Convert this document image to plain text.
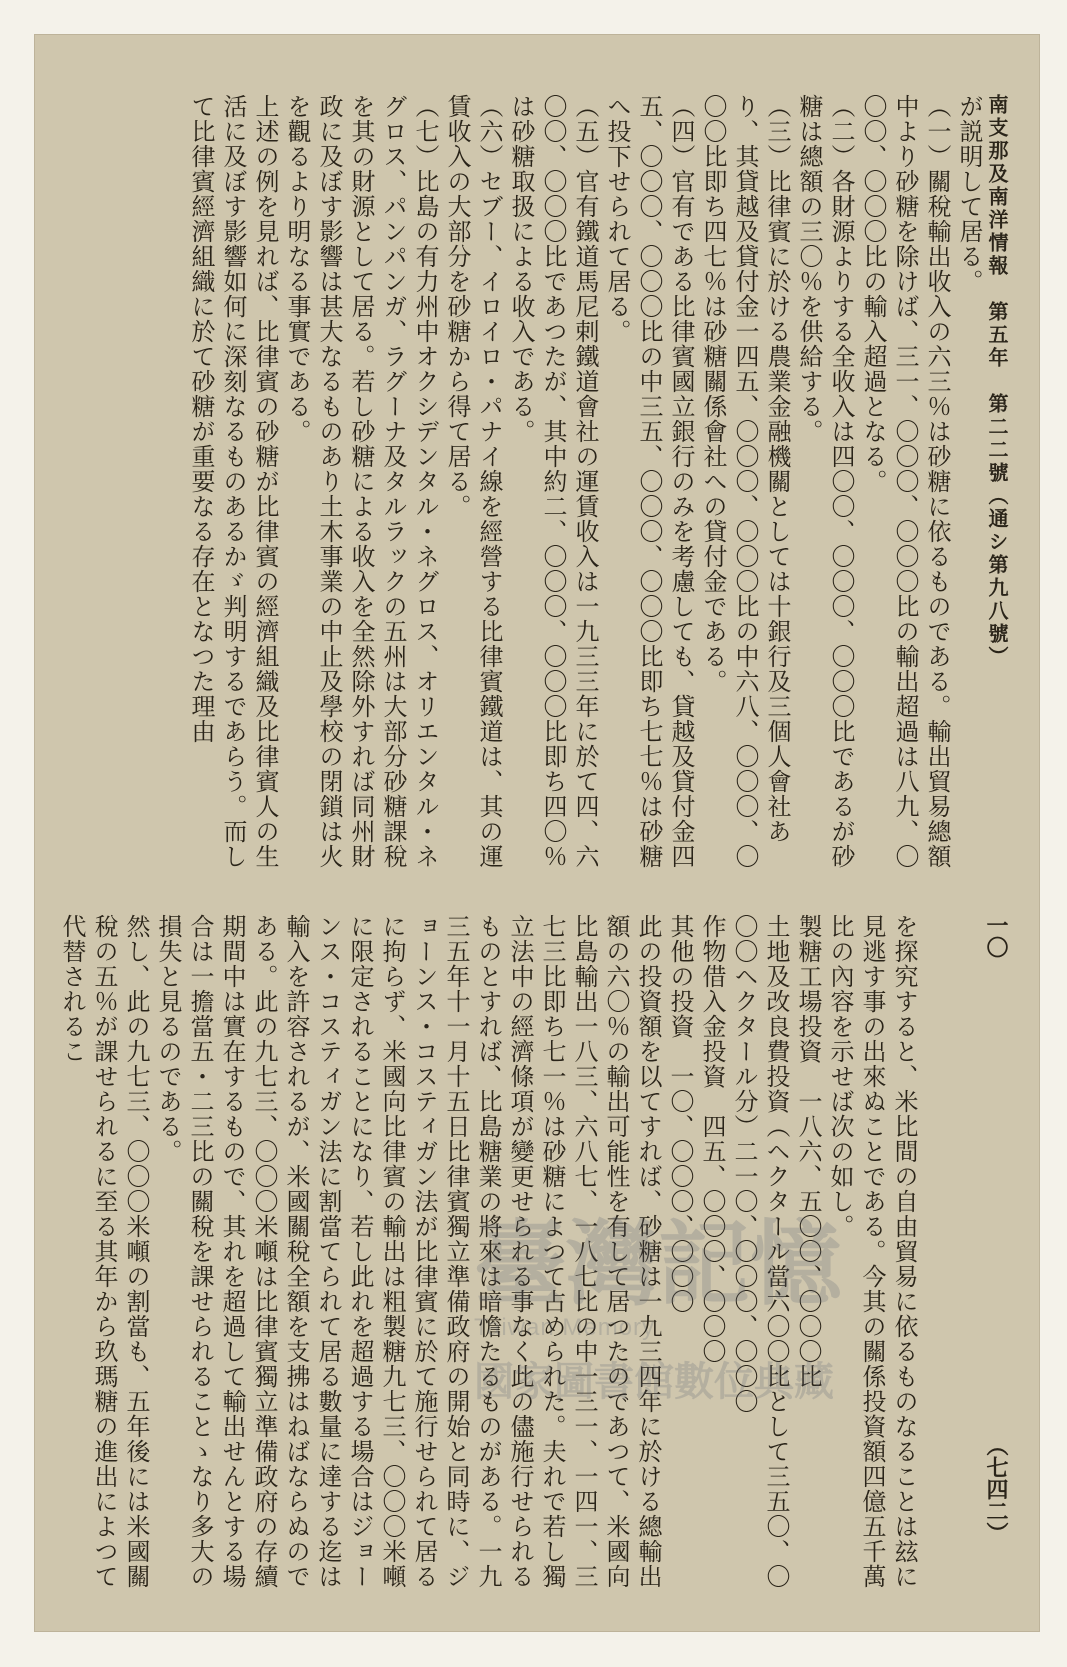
南支那及南洋情報　第五年　第二二號（通シ第九八號）
一〇
（七四二）

が説明して居る。

（一）關稅輸出收入の六三％は砂糖に依るものである。輸出貿易總額中より砂糖を除けば、三一、〇〇〇、〇〇〇比の輸出超過は八九、〇〇〇、〇〇〇比の輸入超過となる。

（二）各財源よりする全收入は四〇〇、〇〇〇、〇〇〇比であるが砂糖は總額の三〇％を供給する。

（三）比律賓に於ける農業金融機關としては十銀行及三個人會社あり、其貸越及貸付金一四五、〇〇〇、〇〇〇比の中六八、〇〇〇、〇〇〇比即ち四七％は砂糖關係會社への貸付金である。

（四）官有である比律賓國立銀行のみを考慮しても、貸越及貸付金四五、〇〇〇、〇〇〇比の中三五、〇〇〇、〇〇〇比即ち七七％は砂糖へ投下せられて居る。

（五）官有鐵道馬尼剌鐵道會社の運賃收入は一九三三年に於て四、六〇〇、〇〇〇比であつたが、其中約二、〇〇〇、〇〇〇比即ち四〇％は砂糖取扱による收入である。

（六）セブー、イロイロ・パナイ線を經營する比律賓鐵道は、其の運賃收入の大部分を砂糖から得て居る。

（七）比島の有力州中オクシデンタル・ネグロス、オリエンタル・ネグロス、パンパンガ、ラグーナ及タルラックの五州は大部分砂糖課稅を其の財源として居る。若し砂糖による收入を全然除外すれば同州財政に及ぼす影響は甚大なるものあり土木事業の中止及學校の閉鎖は火を觀るより明なる事實である。

上述の例を見れば、比律賓の砂糖が比律賓の經濟組織及比律賓人の生活に及ぼす影響如何に深刻なるものあるかゞ判明するであらう。而して比律賓經濟組織に於て砂糖が重要なる存在となつた理由

を探究すると、米比間の自由貿易に依るものなることは玆に見逃す事の出來ぬことである。今其の關係投資額四億五千萬比の內容を示せば次の如し。

製糖工場投資　一八六、五〇〇、〇〇〇比

土地及改良費投資（ヘクタール當六〇〇比として三五〇、〇〇〇ヘクタール分）二一〇、〇〇〇、〇〇〇

作物借入金投資　四五、〇〇〇、〇〇〇

其他の投資　一〇、〇〇〇、〇〇〇

此の投資額を以てすれば、砂糖は一九三四年に於ける總輸出額の六〇％の輸出可能性を有して居つたのであつて、米國向比島輸出一八三、六八七、一八七比の中一三一、一四一、三七三比即ち七一％は砂糖によつて占められた。夫れで若し獨立法中の經濟條項が變更せられる事なく此の儘施行せられるものとすれば、比島糖業の將來は暗憺たるものがある。一九三五年十一月十五日比律賓獨立準備政府の開始と同時に、ジョーンス・コスティガン法が比律賓に於て施行せられて居るに拘らず、米國向比律賓の輸出は粗製糖九七三、〇〇〇米噸に限定されることになり、若し此れを超過する場合はジョーンス・コスティガン法に割當てられて居る數量に達する迄は輸入を許容されるが、米國關稅全額を支拂はねばならぬのである。此の九七三、〇〇〇米噸は比律賓獨立準備政府の存續期間中は實在するもので、其れを超過して輸出せんとする場合は一擔當五・二三比の關稅を課せられることゝなり多大の損失と見るのである。

然し、此の九七三、〇〇〇米噸の割當も、五年後には米國關稅の五％が課せられるに至る其年から玖瑪糖の進出によつて代替されるこ

臺灣記憶
Taiwan Memory
國家圖書館數位典藏
